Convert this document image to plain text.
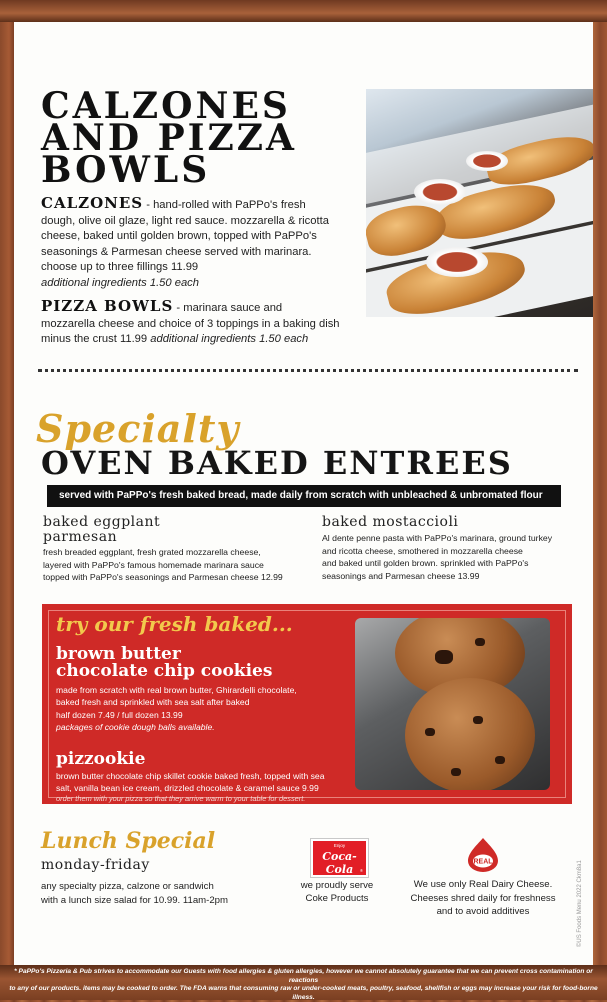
CALZONES
AND PIZZA
BOWLS

CALZONES - hand-rolled with PaPPo's fresh
dough, olive oil glaze, light red sauce. mozzarella & ricotta
cheese, baked until golden brown, topped with PaPPo's
seasonings & Parmesan cheese served with marinara.
choose up to three fillings 11.99
additional ingredients 1.50 each

PIZZA BOWLS - marinara sauce and
mozzarella cheese and choice of 3 toppings in a baking dish
minus the crust 11.99 additional ingredients 1.50 each

Specialty
OVEN BAKED ENTREES
served with PaPPo's fresh baked bread, made daily from scratch with unbleached & unbromated flour
baked eggplant
parmesan

fresh breaded eggplant, fresh grated mozzarella cheese,
layered with PaPPo's famous homemade marinara sauce
topped with PaPPo's seasonings and Parmesan cheese 12.99

baked mostaccioli

Al dente penne pasta with PaPPo's marinara, ground turkey
and ricotta cheese, smothered in mozzarella cheese
and baked until golden brown. sprinkled with PaPPo's
seasonings and Parmesan cheese 13.99

try our fresh baked...
brown butter
chocolate chip cookies

made from scratch with real brown butter, Ghirardelli chocolate,
baked fresh and sprinkled with sea salt after baked
half dozen 7.49 / full dozen 13.99
packages of cookie dough balls available.

pizzookie

brown butter chocolate chip skillet cookie baked fresh, topped with sea
salt, vanilla bean ice cream, drizzled chocolate & caramel sauce 9.99

order them with your pizza so that they arrive warm to your table for dessert.
Lunch Special
monday-friday

any specialty pizza, calzone or sandwich
with a lunch size salad for 10.99. 11am-2pm

Enjoy
Coca-Cola	®

we proudly serve
Coke Products

REAL

We use only Real Dairy Cheese.
Cheeses shred daily for freshness
and to avoid additives	©US Foods Menu 2022 Ckm8a1

* PaPPo's Pizzeria & Pub strives to accommodate our Guests with food allergies & gluten allergies, however we cannot absolutely guarantee that we can prevent cross contamination or reactions
to any of our products. items may be cooked to order. The FDA warns that consuming raw or under-cooked meats, poultry, seafood, shellfish or eggs may increase your risk for food-borne illness.
